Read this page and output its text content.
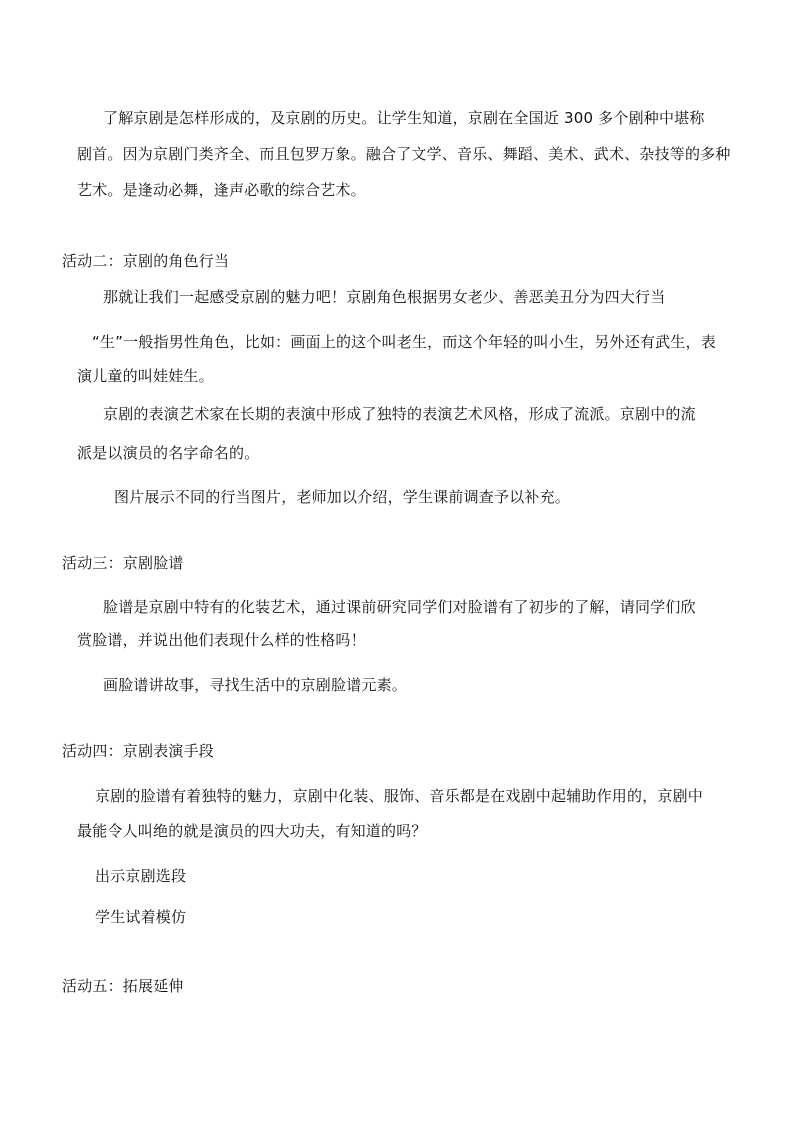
了解京剧是怎样形成的，及京剧的历史。让学生知道，京剧在全国近 300 多个剧种中堪称
剧首。因为京剧门类齐全、而且包罗万象。融合了文学、音乐、舞蹈、美术、武术、杂技等的多种
艺术。是逢动必舞，逢声必歌的综合艺术。
活动二：京剧的角色行当
那就让我们一起感受京剧的魅力吧！京剧角色根据男女老少、善恶美丑分为四大行当
“生”一般指男性角色，比如：画面上的这个叫老生，而这个年轻的叫小生，另外还有武生，表
演儿童的叫娃娃生。
京剧的表演艺术家在长期的表演中形成了独特的表演艺术风格，形成了流派。京剧中的流
派是以演员的名字命名的。
图片展示不同的行当图片，老师加以介绍，学生课前调查予以补充。
活动三：京剧脸谱
脸谱是京剧中特有的化装艺术，通过课前研究同学们对脸谱有了初步的了解，请同学们欣
赏脸谱，并说出他们表现什么样的性格吗！
画脸谱讲故事，寻找生活中的京剧脸谱元素。
活动四：京剧表演手段
京剧的脸谱有着独特的魅力，京剧中化装、服饰、音乐都是在戏剧中起辅助作用的，京剧中
最能令人叫绝的就是演员的四大功夫，有知道的吗？
出示京剧选段
学生试着模仿
活动五：拓展延伸
